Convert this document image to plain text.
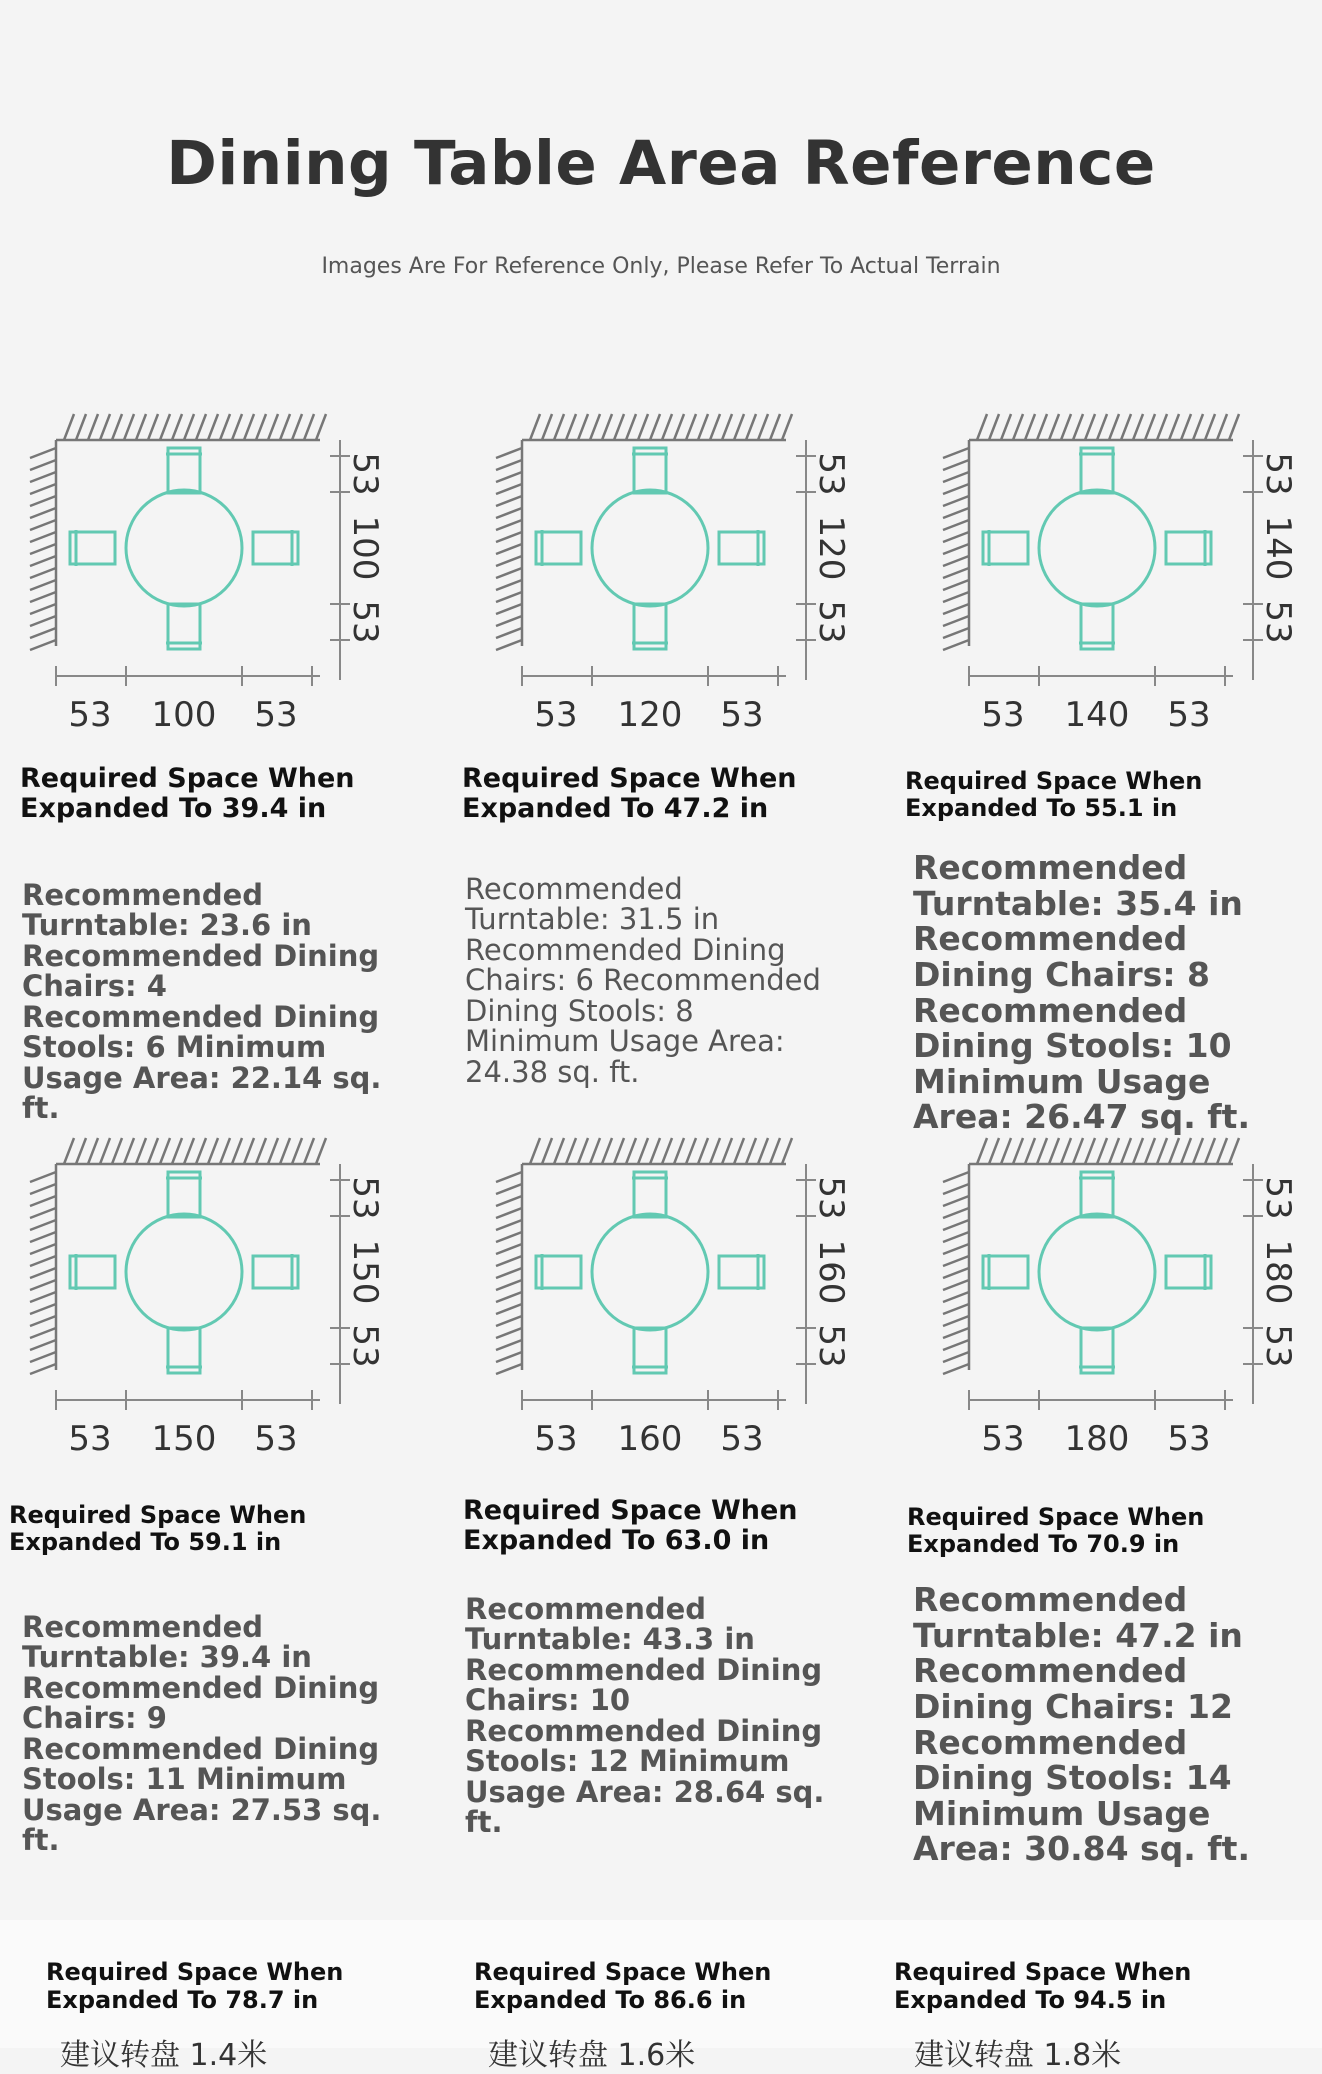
Dining Table Area Reference
Images Are For Reference Only, Please Refer To Actual Terrain
53 100 53
53
100
53
53 120 53
53
120
53
53 140 53
53
140
53
53 150 53
53
150
53
53 160 53
53
160
53
53 180 53
53
180
53
Required Space When Expanded To 39.4 in
Required Space When Expanded To 47.2 in
Required Space When Expanded To 55.1 in
Required Space When Expanded To 59.1 in
Required Space When Expanded To 63.0 in
Required Space When Expanded To 70.9 in
Recommended Turntable: 23.6 in Recommended Dining Chairs: 4 Recommended Dining Stools: 6 Minimum Usage Area: 22.14 sq. ft.
Recommended Turntable: 31.5 in Recommended Dining Chairs: 6 Recommended Dining Stools: 8 Minimum Usage Area: 24.38 sq. ft.
Recommended Turntable: 35.4 in Recommended Dining Chairs: 8 Recommended Dining Stools: 10 Minimum Usage Area: 26.47 sq. ft.
Recommended Turntable: 39.4 in Recommended Dining Chairs: 9 Recommended Dining Stools: 11 Minimum Usage Area: 27.53 sq. ft.
Recommended Turntable: 43.3 in Recommended Dining Chairs: 10 Recommended Dining Stools: 12 Minimum Usage Area: 28.64 sq. ft.
Recommended Turntable: 47.2 in Recommended Dining Chairs: 12 Recommended Dining Stools: 14 Minimum Usage Area: 30.84 sq. ft.
Required Space When Expanded To 78.7 in
Required Space When Expanded To 86.6 in
Required Space When Expanded To 94.5 in
建议转盘 1.4米	建议转盘 1.6米	建议转盘 1.8米
